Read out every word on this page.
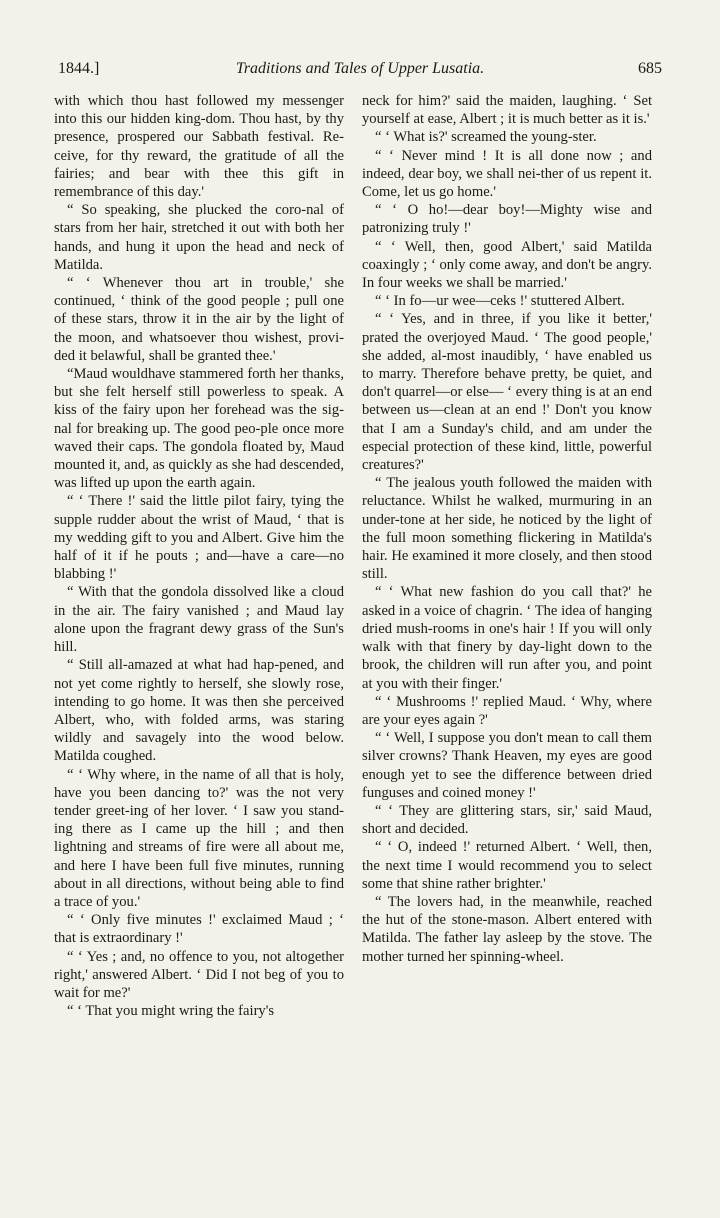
1844.]	Traditions and Tales of Upper Lusatia.	685

with which thou hast followed my messenger into this our hidden king-dom. Thou hast, by thy presence, prospered our Sabbath festival. Re-ceive, for thy reward, the gratitude of all the fairies; and bear with thee this gift in remembrance of this day.'

“ So speaking, she plucked the coro-nal of stars from her hair, stretched it out with both her hands, and hung it upon the head and neck of Matilda.

“ ‘ Whenever thou art in trouble,' she continued, ‘ think of the good people ; pull one of these stars, throw it in the air by the light of the moon, and whatsoever thou wishest, provi-ded it belawful, shall be granted thee.'

“Maud wouldhave stammered forth her thanks, but she felt herself still powerless to speak. A kiss of the fairy upon her forehead was the sig-nal for breaking up. The good peo-ple once more waved their caps. The gondola floated by, Maud mounted it, and, as quickly as she had descended, was lifted up upon the earth again.

“ ‘ There !' said the little pilot fairy, tying the supple rudder about the wrist of Maud, ‘ that is my wedding gift to you and Albert. Give him the half of it if he pouts ; and—have a care—no blabbing !'

“ With that the gondola dissolved like a cloud in the air. The fairy vanished ; and Maud lay alone upon the fragrant dewy grass of the Sun's hill.

“ Still all-amazed at what had hap-pened, and not yet come rightly to herself, she slowly rose, intending to go home. It was then she perceived Albert, who, with folded arms, was staring wildly and savagely into the wood below. Matilda coughed.

“ ‘ Why where, in the name of all that is holy, have you been dancing to?' was the not very tender greet-ing of her lover. ‘ I saw you stand-ing there as I came up the hill ; and then lightning and streams of fire were all about me, and here I have been full five minutes, running about in all directions, without being able to find a trace of you.'

“ ‘ Only five minutes !' exclaimed Maud ; ‘ that is extraordinary !'

“ ‘ Yes ; and, no offence to you, not altogether right,' answered Albert. ‘ Did I not beg of you to wait for me?'

“ ‘ That you might wring the fairy's

neck for him?' said the maiden, laughing. ‘ Set yourself at ease, Albert ; it is much better as it is.'

“ ‘ What is?' screamed the young-ster.

“ ‘ Never mind ! It is all done now ; and indeed, dear boy, we shall nei-ther of us repent it. Come, let us go home.'

“ ‘ O ho!—dear boy!—Mighty wise and patronizing truly !'

“ ‘ Well, then, good Albert,' said Matilda coaxingly ; ‘ only come away, and don't be angry. In four weeks we shall be married.'

“ ‘ In fo—ur wee—ceks !' stuttered Albert.

“ ‘ Yes, and in three, if you like it better,' prated the overjoyed Maud. ‘ The good people,' she added, al-most inaudibly, ‘ have enabled us to marry. Therefore behave pretty, be quiet, and don't quarrel—or else— ‘ every thing is at an end between us—clean at an end !' Don't you know that I am a Sunday's child, and am under the especial protection of these kind, little, powerful creatures?'

“ The jealous youth followed the maiden with reluctance. Whilst he walked, murmuring in an under-tone at her side, he noticed by the light of the full moon something flickering in Matilda's hair. He examined it more closely, and then stood still.

“ ‘ What new fashion do you call that?' he asked in a voice of chagrin. ‘ The idea of hanging dried mush-rooms in one's hair ! If you will only walk with that finery by day-light down to the brook, the children will run after you, and point at you with their finger.'

“ ‘ Mushrooms !' replied Maud. ‘ Why, where are your eyes again ?'

“ ‘ Well, I suppose you don't mean to call them silver crowns? Thank Heaven, my eyes are good enough yet to see the difference between dried funguses and coined money !'

“ ‘ They are glittering stars, sir,' said Maud, short and decided.

“ ‘ O, indeed !' returned Albert. ‘ Well, then, the next time I would recommend you to select some that shine rather brighter.'

“ The lovers had, in the meanwhile, reached the hut of the stone-mason. Albert entered with Matilda. The father lay asleep by the stove. The mother turned her spinning-wheel.
